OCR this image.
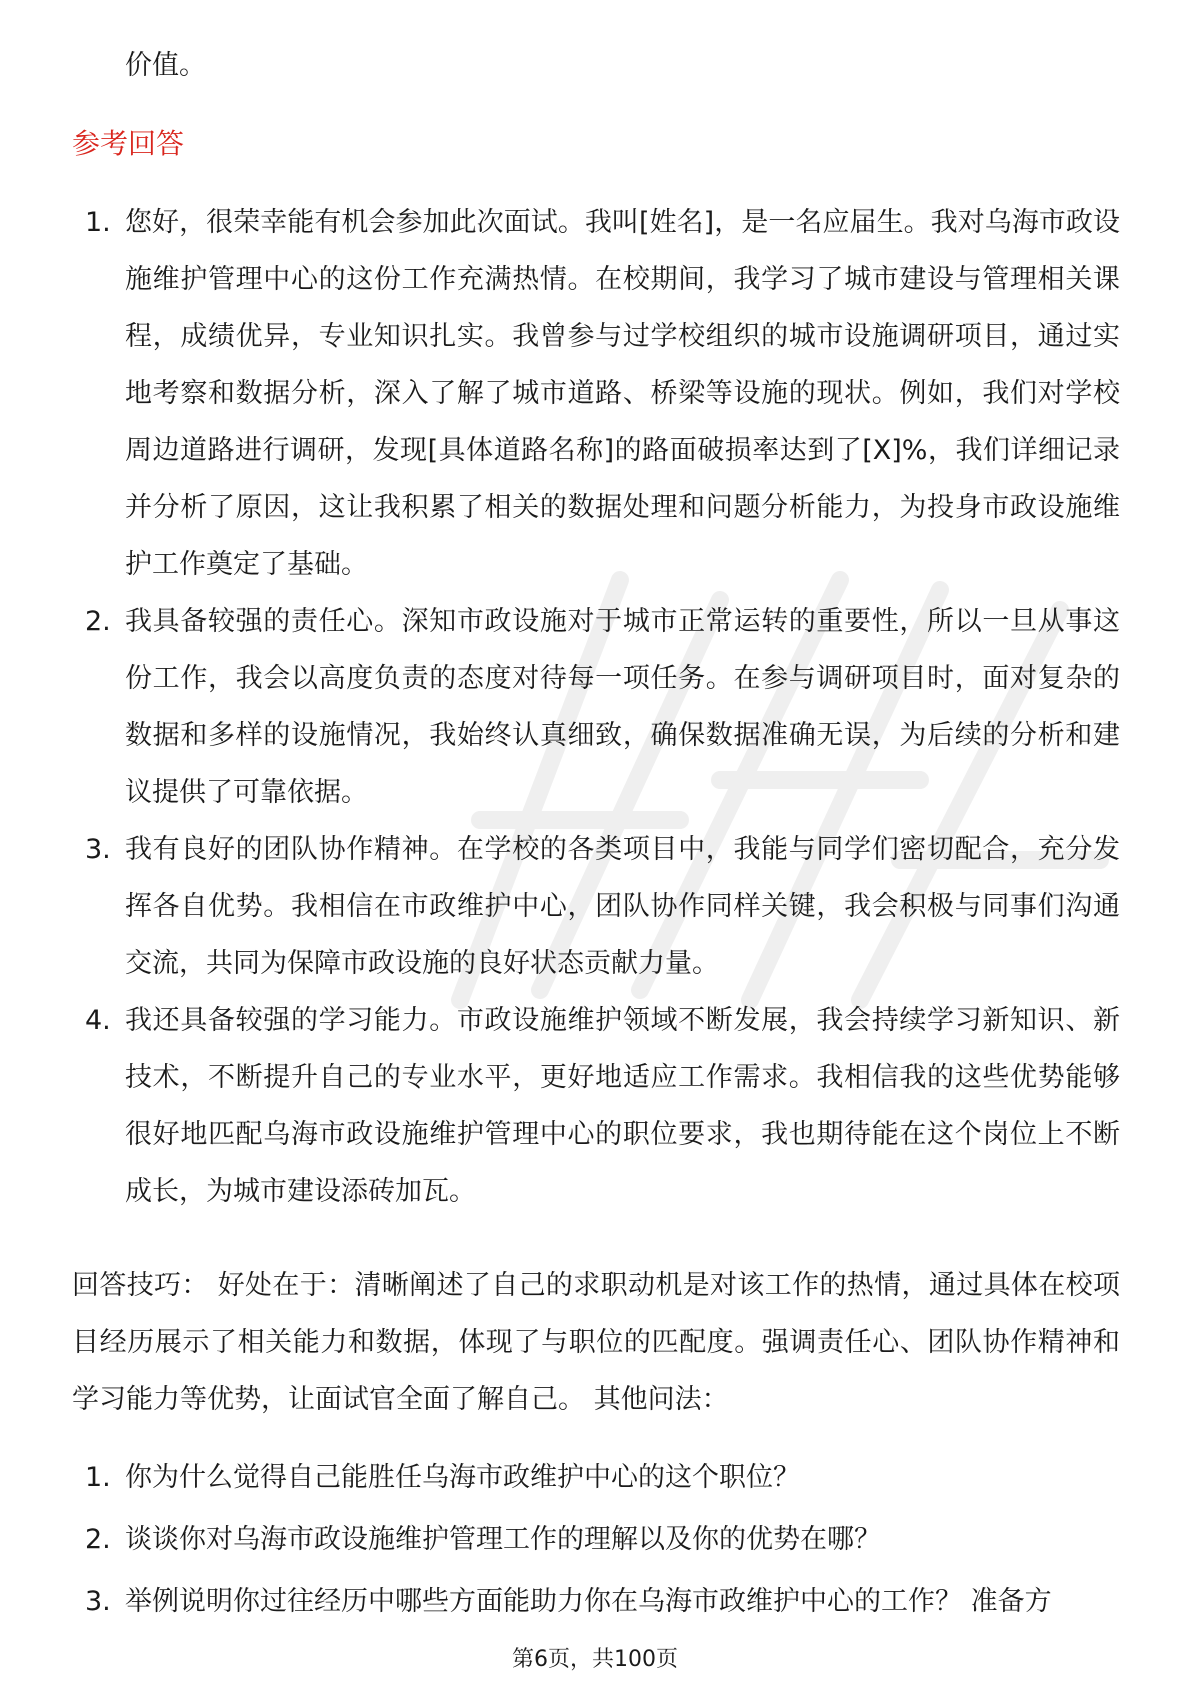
价值。

参考回答
1. 您好，很荣幸能有机会参加此次面试。我叫[姓名]，是一名应届生。我对乌海市政设施维护管理中心的这份工作充满热情。在校期间，我学习了城市建设与管理相关课程，成绩优异，专业知识扎实。我曾参与过学校组织的城市设施调研项目，通过实地考察和数据分析，深入了解了城市道路、桥梁等设施的现状。例如，我们对学校周边道路进行调研，发现[具体道路名称]的路面破损率达到了[X]%，我们详细记录并分析了原因，这让我积累了相关的数据处理和问题分析能力，为投身市政设施维护工作奠定了基础。
2. 我具备较强的责任心。深知市政设施对于城市正常运转的重要性，所以一旦从事这份工作，我会以高度负责的态度对待每一项任务。在参与调研项目时，面对复杂的数据和多样的设施情况，我始终认真细致，确保数据准确无误，为后续的分析和建议提供了可靠依据。
3. 我有良好的团队协作精神。在学校的各类项目中，我能与同学们密切配合，充分发挥各自优势。我相信在市政维护中心，团队协作同样关键，我会积极与同事们沟通交流，共同为保障市政设施的良好状态贡献力量。
4. 我还具备较强的学习能力。市政设施维护领域不断发展，我会持续学习新知识、新技术，不断提升自己的专业水平，更好地适应工作需求。我相信我的这些优势能够很好地匹配乌海市政设施维护管理中心的职位要求，我也期待能在这个岗位上不断成长，为城市建设添砖加瓦。

回答技巧： 好处在于：清晰阐述了自己的求职动机是对该工作的热情，通过具体在校项目经历展示了相关能力和数据，体现了与职位的匹配度。强调责任心、团队协作精神和学习能力等优势，让面试官全面了解自己。 其他问法：

1. 你为什么觉得自己能胜任乌海市政维护中心的这个职位？
2. 谈谈你对乌海市政设施维护管理工作的理解以及你的优势在哪？
3. 举例说明你过往经历中哪些方面能助力你在乌海市政维护中心的工作？ 准备方
第6页，共100页
